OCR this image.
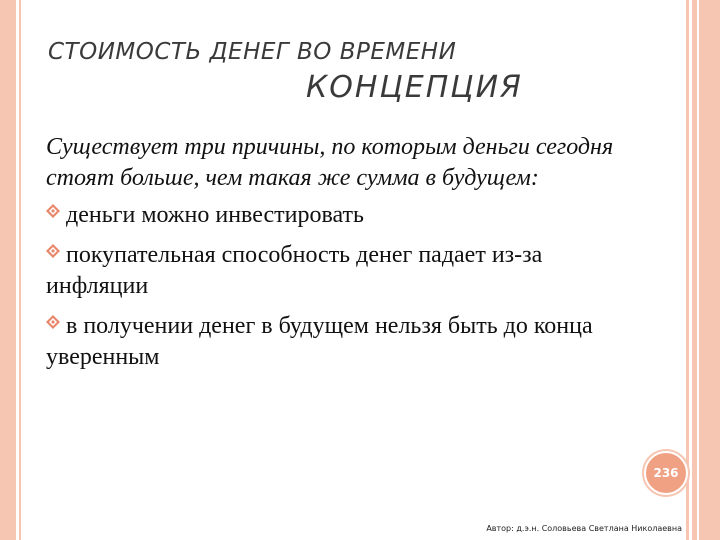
СТОИМОСТЬ ДЕНЕГ ВО ВРЕМЕНИ
КОНЦЕПЦИЯ

Существует три причины, по которым деньги сегодня стоят больше, чем такая же сумма в будущем:

деньги можно инвестировать
покупательная способность денег падает из-за инфляции
в получении денег в будущем нельзя быть до конца уверенным
236
Автор: д.э.н. Соловьева Светлана Николаевна
